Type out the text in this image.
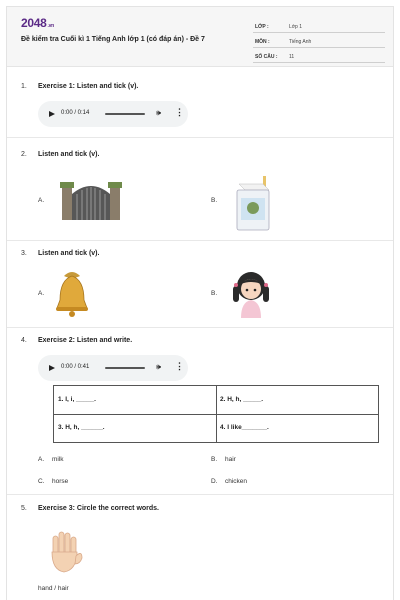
2048.vn
Đề kiểm tra Cuối kì 1 Tiếng Anh lớp 1 (có đáp án) - Đề 7
LỚP :	Lớp 1
MÔN :	Tiếng Anh
SỐ CÂU : 11
1. Exercise 1: Listen and tick (v).
0:00 / 0:14	🕪 ⋮
2. Listen and tick (v).
A.	B.
3. Listen and tick (v).
A.	B.
4. Exercise 2: Listen and write.
0:00 / 0:41	🕪 ⋮
1. I, i, _____.	2. H, h, _____.
3. H, h, ______.	4. I like_______.
A. milk	B. hair
C. horse	D. chicken
5. Exercise 3: Circle the correct words.
hand / hair
